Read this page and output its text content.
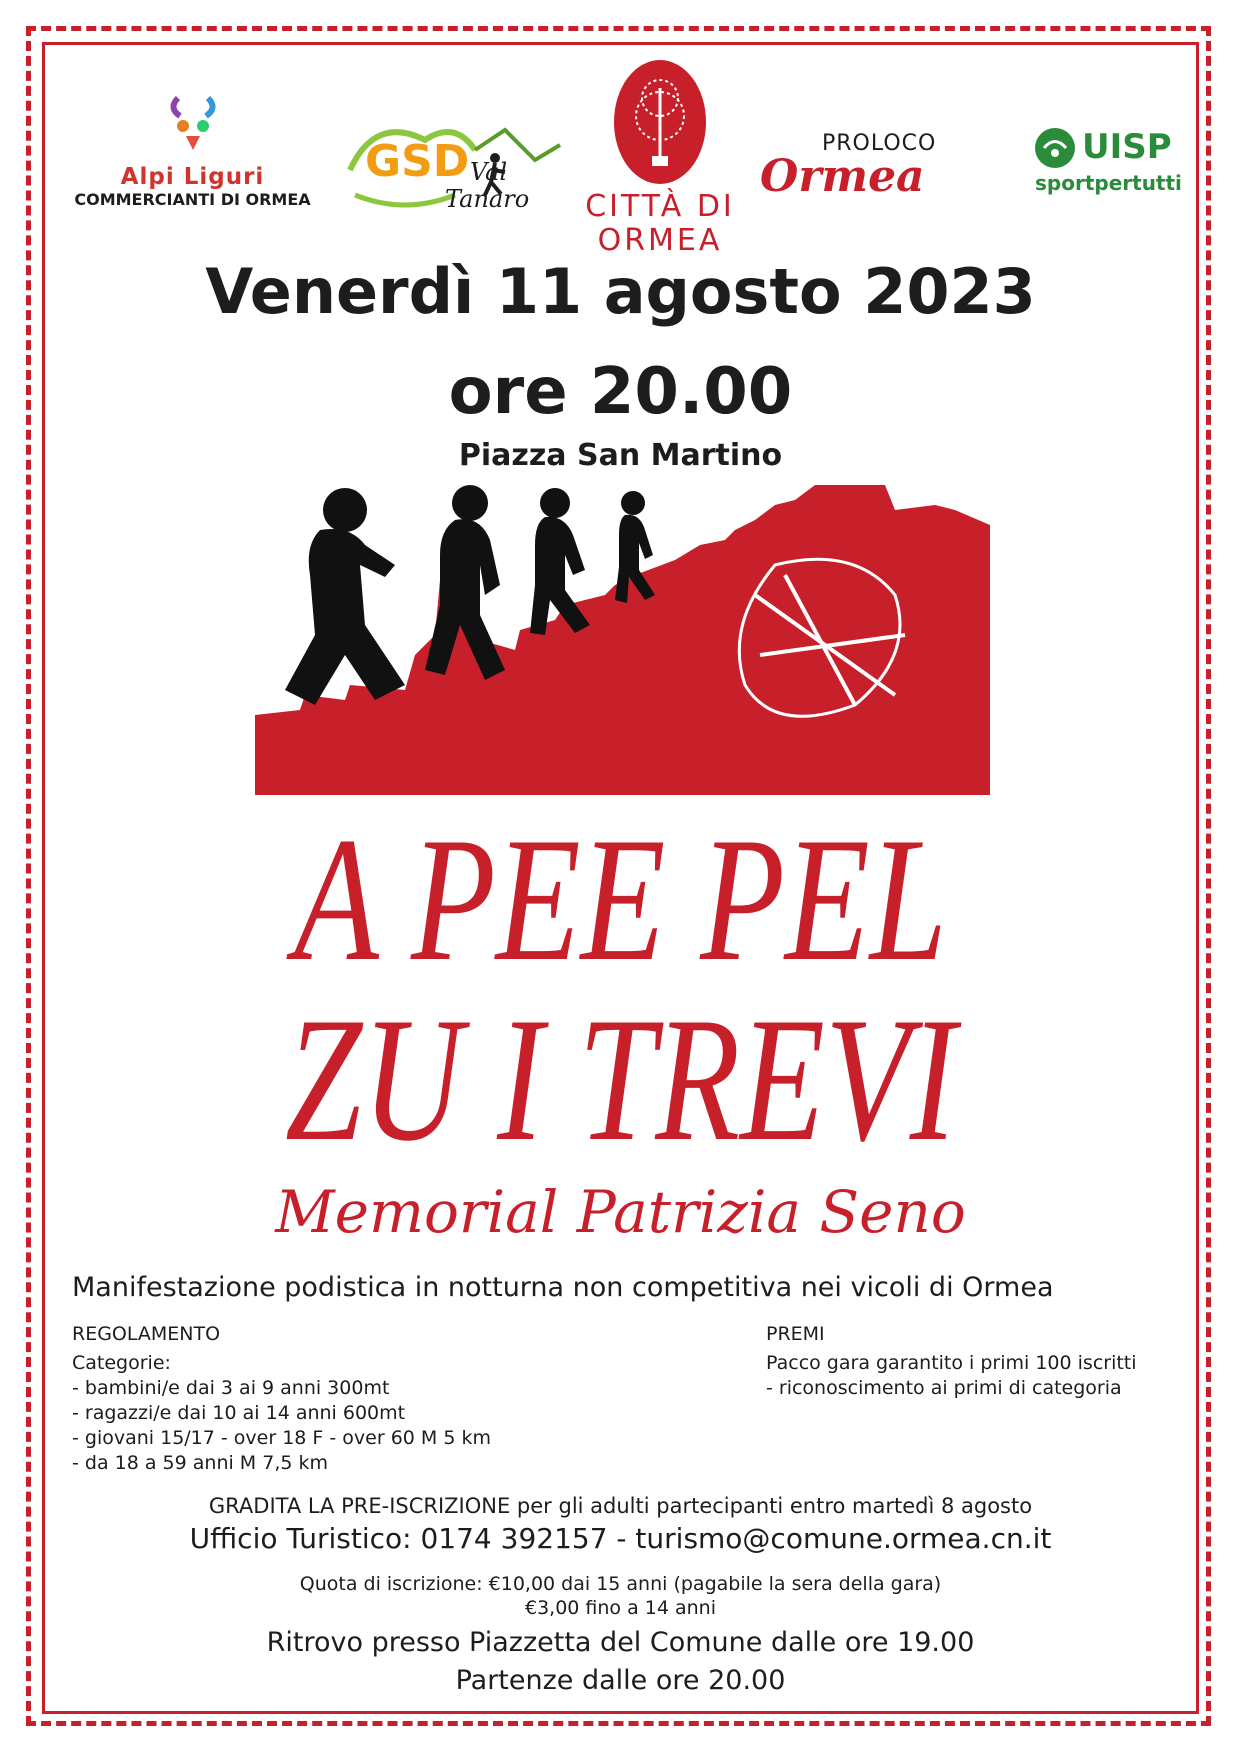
Alpi Liguri
COMMERCIANTI DI ORMEA
GSD Val
Tanaro CITTÀ DI
ORMEA
PROLOCO
Ormea
UISP
sportpertutti
Venerdì 11 agosto 2023
ore 20.00
Piazza San Martino
A PEE PEL
ZU I TREVI
Memorial Patrizia Seno
Manifestazione podistica in notturna non competitiva nei vicoli di Ormea
REGOLAMENTO
Categorie:
- bambini/e dai 3 ai 9 anni 300mt
- ragazzi/e dai 10 ai 14 anni 600mt
- giovani 15/17 - over 18 F - over 60 M 5 km
- da 18 a 59 anni M 7,5 km
PREMI
Pacco gara garantito i primi 100 iscritti
- riconoscimento ai primi di categoria
GRADITA LA PRE-ISCRIZIONE per gli adulti partecipanti entro martedì 8 agosto
Ufficio Turistico: 0174 392157 - turismo@comune.ormea.cn.it
Quota di iscrizione: €10,00 dai 15 anni (pagabile la sera della gara)
€3,00 fino a 14 anni
Ritrovo presso Piazzetta del Comune dalle ore 19.00
Partenze dalle ore 20.00
